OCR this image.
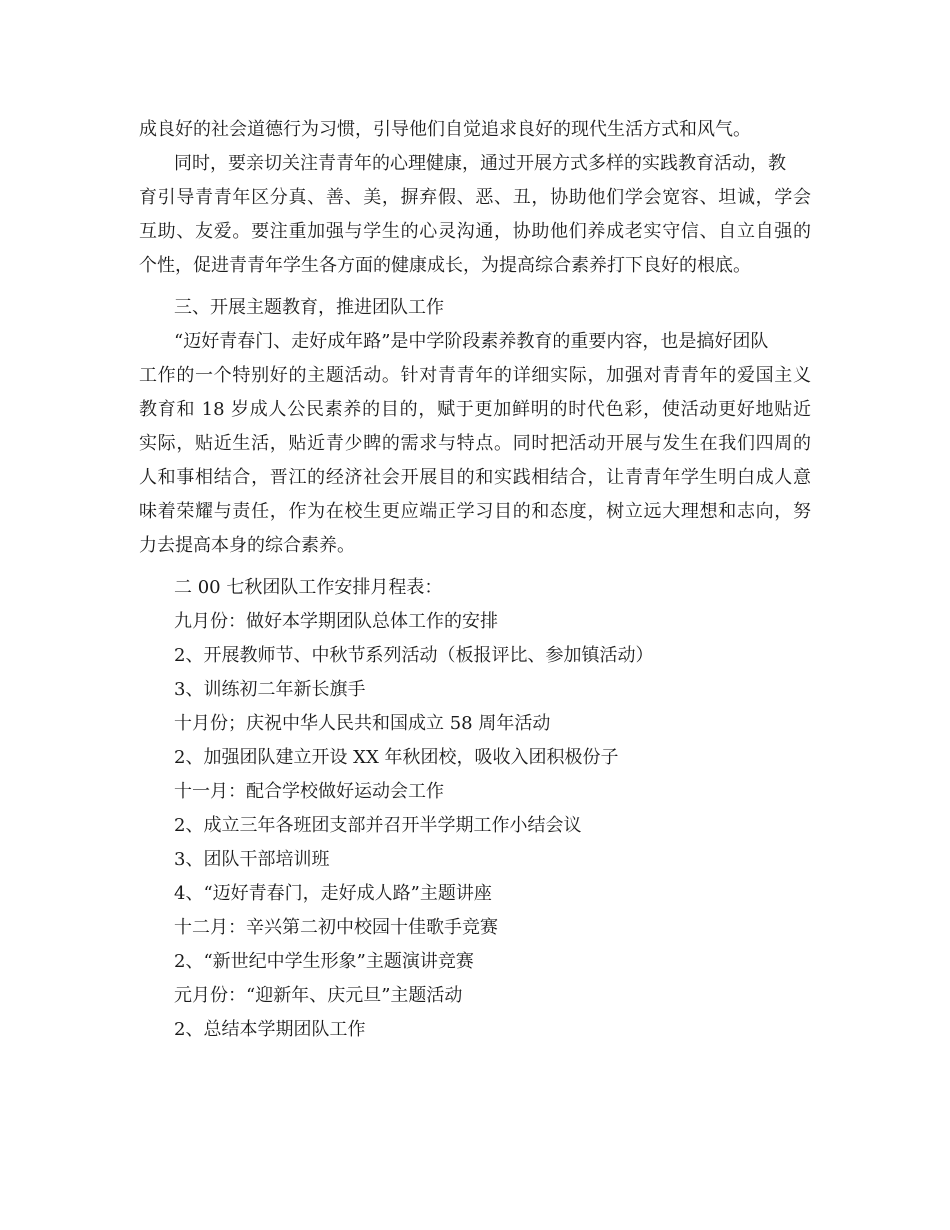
成良好的社会道德行为习惯，引导他们自觉追求良好的现代生活方式和风气。
同时，要亲切关注青青年的心理健康，通过开展方式多样的实践教育活动，教
育引导青青年区分真、善、美，摒弃假、恶、丑，协助他们学会宽容、坦诚，学会
互助、友爱。要注重加强与学生的心灵沟通，协助他们养成老实守信、自立自强的
个性，促进青青年学生各方面的健康成长，为提高综合素养打下良好的根底。
三、开展主题教育，推进团队工作
“迈好青春门、走好成年路”是中学阶段素养教育的重要内容，也是搞好团队
工作的一个特别好的主题活动。针对青青年的详细实际，加强对青青年的爱国主义
教育和 18 岁成人公民素养的目的，赋于更加鲜明的时代色彩，使活动更好地贴近
实际，贴近生活，贴近青少睥的需求与特点。同时把活动开展与发生在我们四周的
人和事相结合，晋江的经济社会开展目的和实践相结合，让青青年学生明白成人意
味着荣耀与责任，作为在校生更应端正学习目的和态度，树立远大理想和志向，努
力去提高本身的综合素养。
二 00 七秋团队工作安排月程表：
九月份：做好本学期团队总体工作的安排
2、开展教师节、中秋节系列活动（板报评比、参加镇活动）
3、训练初二年新长旗手
十月份；庆祝中华人民共和国成立 58 周年活动
2、加强团队建立开设 XX 年秋团校，吸收入团积极份子
十一月：配合学校做好运动会工作
2、成立三年各班团支部并召开半学期工作小结会议
3、团队干部培训班
4、“迈好青春门，走好成人路”主题讲座
十二月：辛兴第二初中校园十佳歌手竞赛
2、“新世纪中学生形象”主题演讲竞赛
元月份：“迎新年、庆元旦”主题活动
2、总结本学期团队工作
